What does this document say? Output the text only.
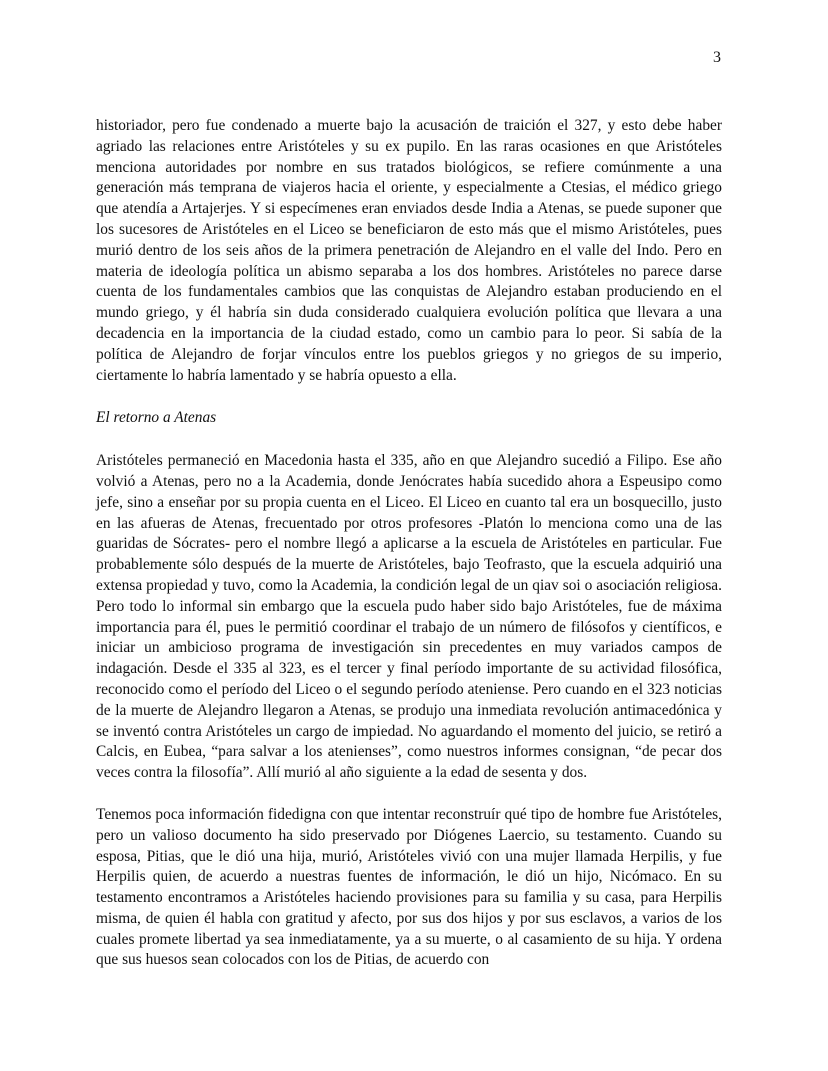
3

historiador, pero fue condenado a muerte bajo la acusación de traición el 327, y esto debe haber agriado las relaciones entre Aristóteles y su ex pupilo. En las raras ocasiones en que Aristóteles menciona autoridades por nombre en sus tratados biológicos, se refiere comúnmente a una generación más temprana de viajeros hacia el oriente, y especialmente a Ctesias, el médico griego que atendía a Artajerjes. Y si especímenes eran enviados desde India a Atenas, se puede suponer que los sucesores de Aristóteles en el Liceo se beneficiaron de esto más que el mismo Aristóteles, pues murió dentro de los seis años de la primera penetración de Alejandro en el valle del Indo. Pero en materia de ideología política un abismo separaba a los dos hombres. Aristóteles no parece darse cuenta de los fundamentales cambios que las conquistas de Alejandro estaban produciendo en el mundo griego, y él habría sin duda considerado cualquiera evolución política que llevara a una decadencia en la importancia de la ciudad estado, como un cambio para lo peor. Si sabía de la política de Alejandro de forjar vínculos entre los pueblos griegos y no griegos de su imperio, ciertamente lo habría lamentado y se habría opuesto a ella.

El retorno a Atenas

Aristóteles permaneció en Macedonia hasta el 335, año en que Alejandro sucedió a Filipo. Ese año volvió a Atenas, pero no a la Academia, donde Jenócrates había sucedido ahora a Espeusipo como jefe, sino a enseñar por su propia cuenta en el Liceo. El Liceo en cuanto tal era un bosquecillo, justo en las afueras de Atenas, frecuentado por otros profesores -Platón lo menciona como una de las guaridas de Sócrates- pero el nombre llegó a aplicarse a la escuela de Aristóteles en particular. Fue probablemente sólo después de la muerte de Aristóteles, bajo Teofrasto, que la escuela adquirió una extensa propiedad y tuvo, como la Academia, la condición legal de un qiav soi o asociación religiosa. Pero todo lo informal sin embargo que la escuela pudo haber sido bajo Aristóteles, fue de máxima importancia para él, pues le permitió coordinar el trabajo de un número de filósofos y científicos, e iniciar un ambicioso programa de investigación sin precedentes en muy variados campos de indagación. Desde el 335 al 323, es el tercer y final período importante de su actividad filosófica, reconocido como el período del Liceo o el segundo período ateniense. Pero cuando en el 323 noticias de la muerte de Alejandro llegaron a Atenas, se produjo una inmediata revolución antimacedónica y se inventó contra Aristóteles un cargo de impiedad. No aguardando el momento del juicio, se retiró a Calcis, en Eubea, “para salvar a los atenienses”, como nuestros informes consignan, “de pecar dos veces contra la filosofía”. Allí murió al año siguiente a la edad de sesenta y dos.

Tenemos poca información fidedigna con que intentar reconstruír qué tipo de hombre fue Aristóteles, pero un valioso documento ha sido preservado por Diógenes Laercio, su testamento. Cuando su esposa, Pitias, que le dió una hija, murió, Aristóteles vivió con una mujer llamada Herpilis, y fue Herpilis quien, de acuerdo a nuestras fuentes de información, le dió un hijo, Nicómaco. En su testamento encontramos a Aristóteles haciendo provisiones para su familia y su casa, para Herpilis misma, de quien él habla con gratitud y afecto, por sus dos hijos y por sus esclavos, a varios de los cuales promete libertad ya sea inmediatamente, ya a su muerte, o al casamiento de su hija. Y ordena que sus huesos sean colocados con los de Pitias, de acuerdo con
